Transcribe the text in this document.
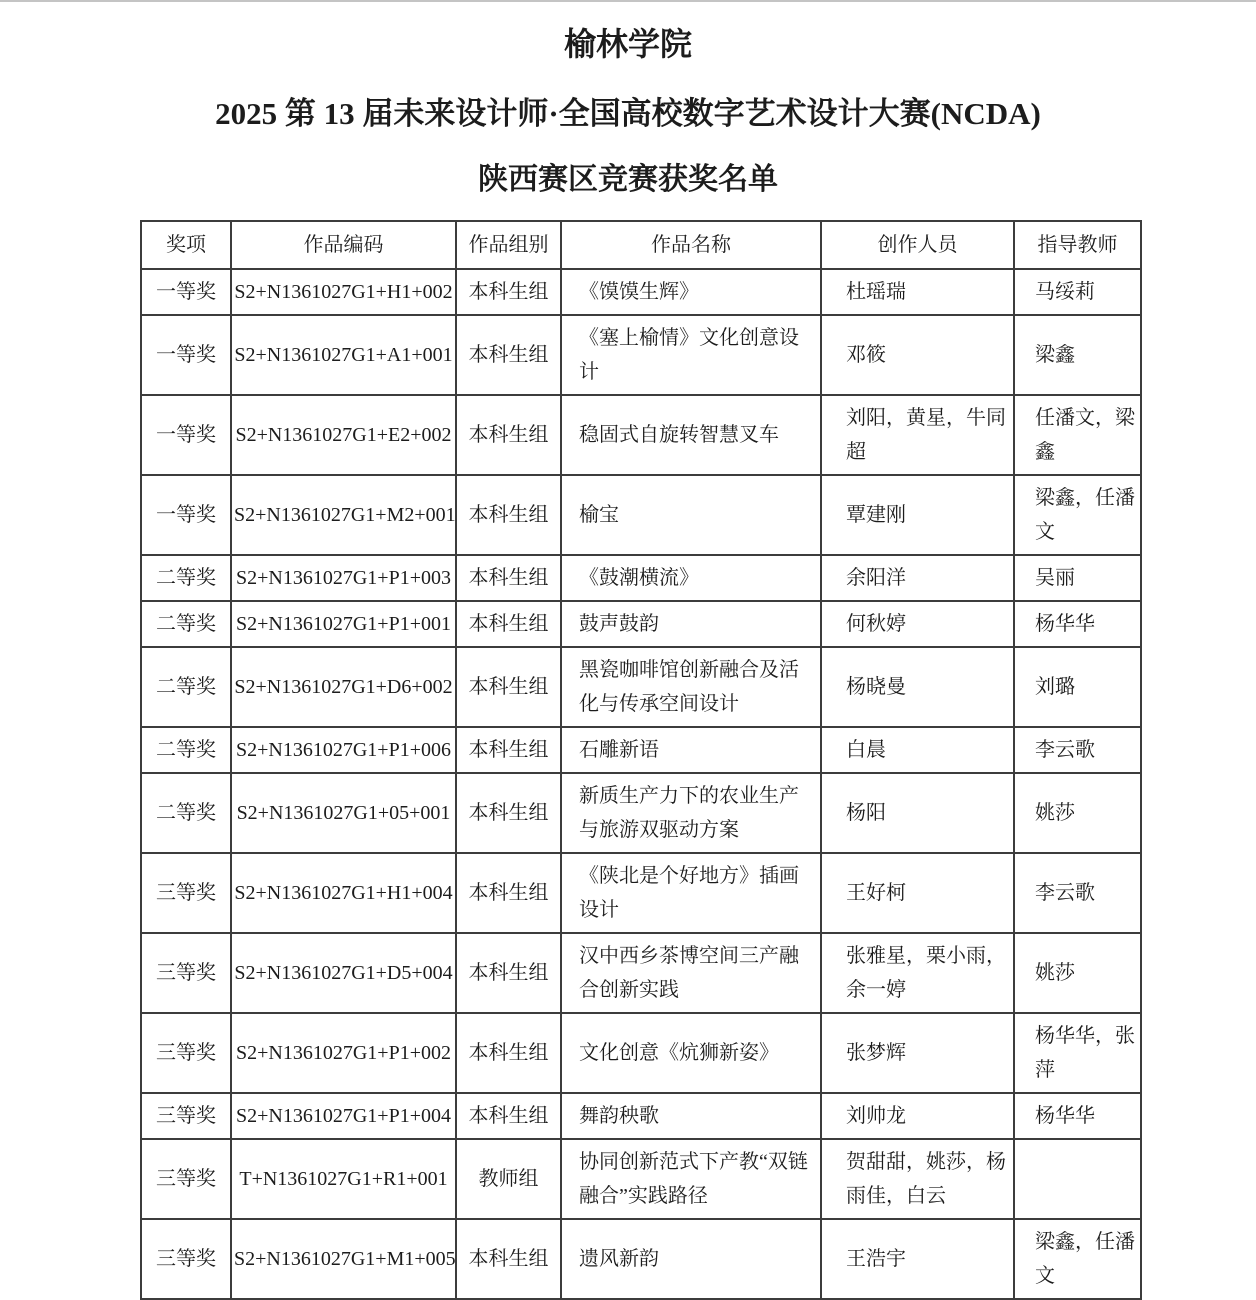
榆林学院
2025 第 13 届未来设计师·全国高校数字艺术设计大赛(NCDA)
陕西赛区竞赛获奖名单
奖项	作品编码	作品组别	作品名称	创作人员	指导教师
一等奖	S2+N1361027G1+H1+002	本科生组	《馍馍生辉》	杜瑶瑞	马绥莉
一等奖	S2+N1361027G1+A1+001	本科生组	《塞上榆情》文化创意设计	邓筱	梁鑫
一等奖	S2+N1361027G1+E2+002	本科生组	稳固式自旋转智慧叉车	刘阳，黄星，牛同超	任潘文，梁鑫
一等奖	S2+N1361027G1+M2+001	本科生组	榆宝	覃建刚	梁鑫，任潘文
二等奖	S2+N1361027G1+P1+003	本科生组	《鼓潮横流》	余阳洋	吴丽
二等奖	S2+N1361027G1+P1+001	本科生组	鼓声鼓韵	何秋婷	杨华华
二等奖	S2+N1361027G1+D6+002	本科生组	黑瓷咖啡馆创新融合及活化与传承空间设计	杨晓曼	刘璐
二等奖	S2+N1361027G1+P1+006	本科生组	石雕新语	白晨	李云歌
二等奖	S2+N1361027G1+05+001	本科生组	新质生产力下的农业生产与旅游双驱动方案	杨阳	姚莎
三等奖	S2+N1361027G1+H1+004	本科生组	《陕北是个好地方》插画设计	王好柯	李云歌
三等奖	S2+N1361027G1+D5+004	本科生组	汉中西乡茶博空间三产融合创新实践	张雅星，栗小雨，余一婷	姚莎
三等奖	S2+N1361027G1+P1+002	本科生组	文化创意《炕狮新姿》	张梦辉	杨华华，张萍
三等奖	S2+N1361027G1+P1+004	本科生组	舞韵秧歌	刘帅龙	杨华华
三等奖	T+N1361027G1+R1+001	教师组	协同创新范式下产教“双链融合”实践路径	贺甜甜，姚莎，杨雨佳，白云	
三等奖	S2+N1361027G1+M1+005	本科生组	遗风新韵	王浩宇	梁鑫，任潘文
